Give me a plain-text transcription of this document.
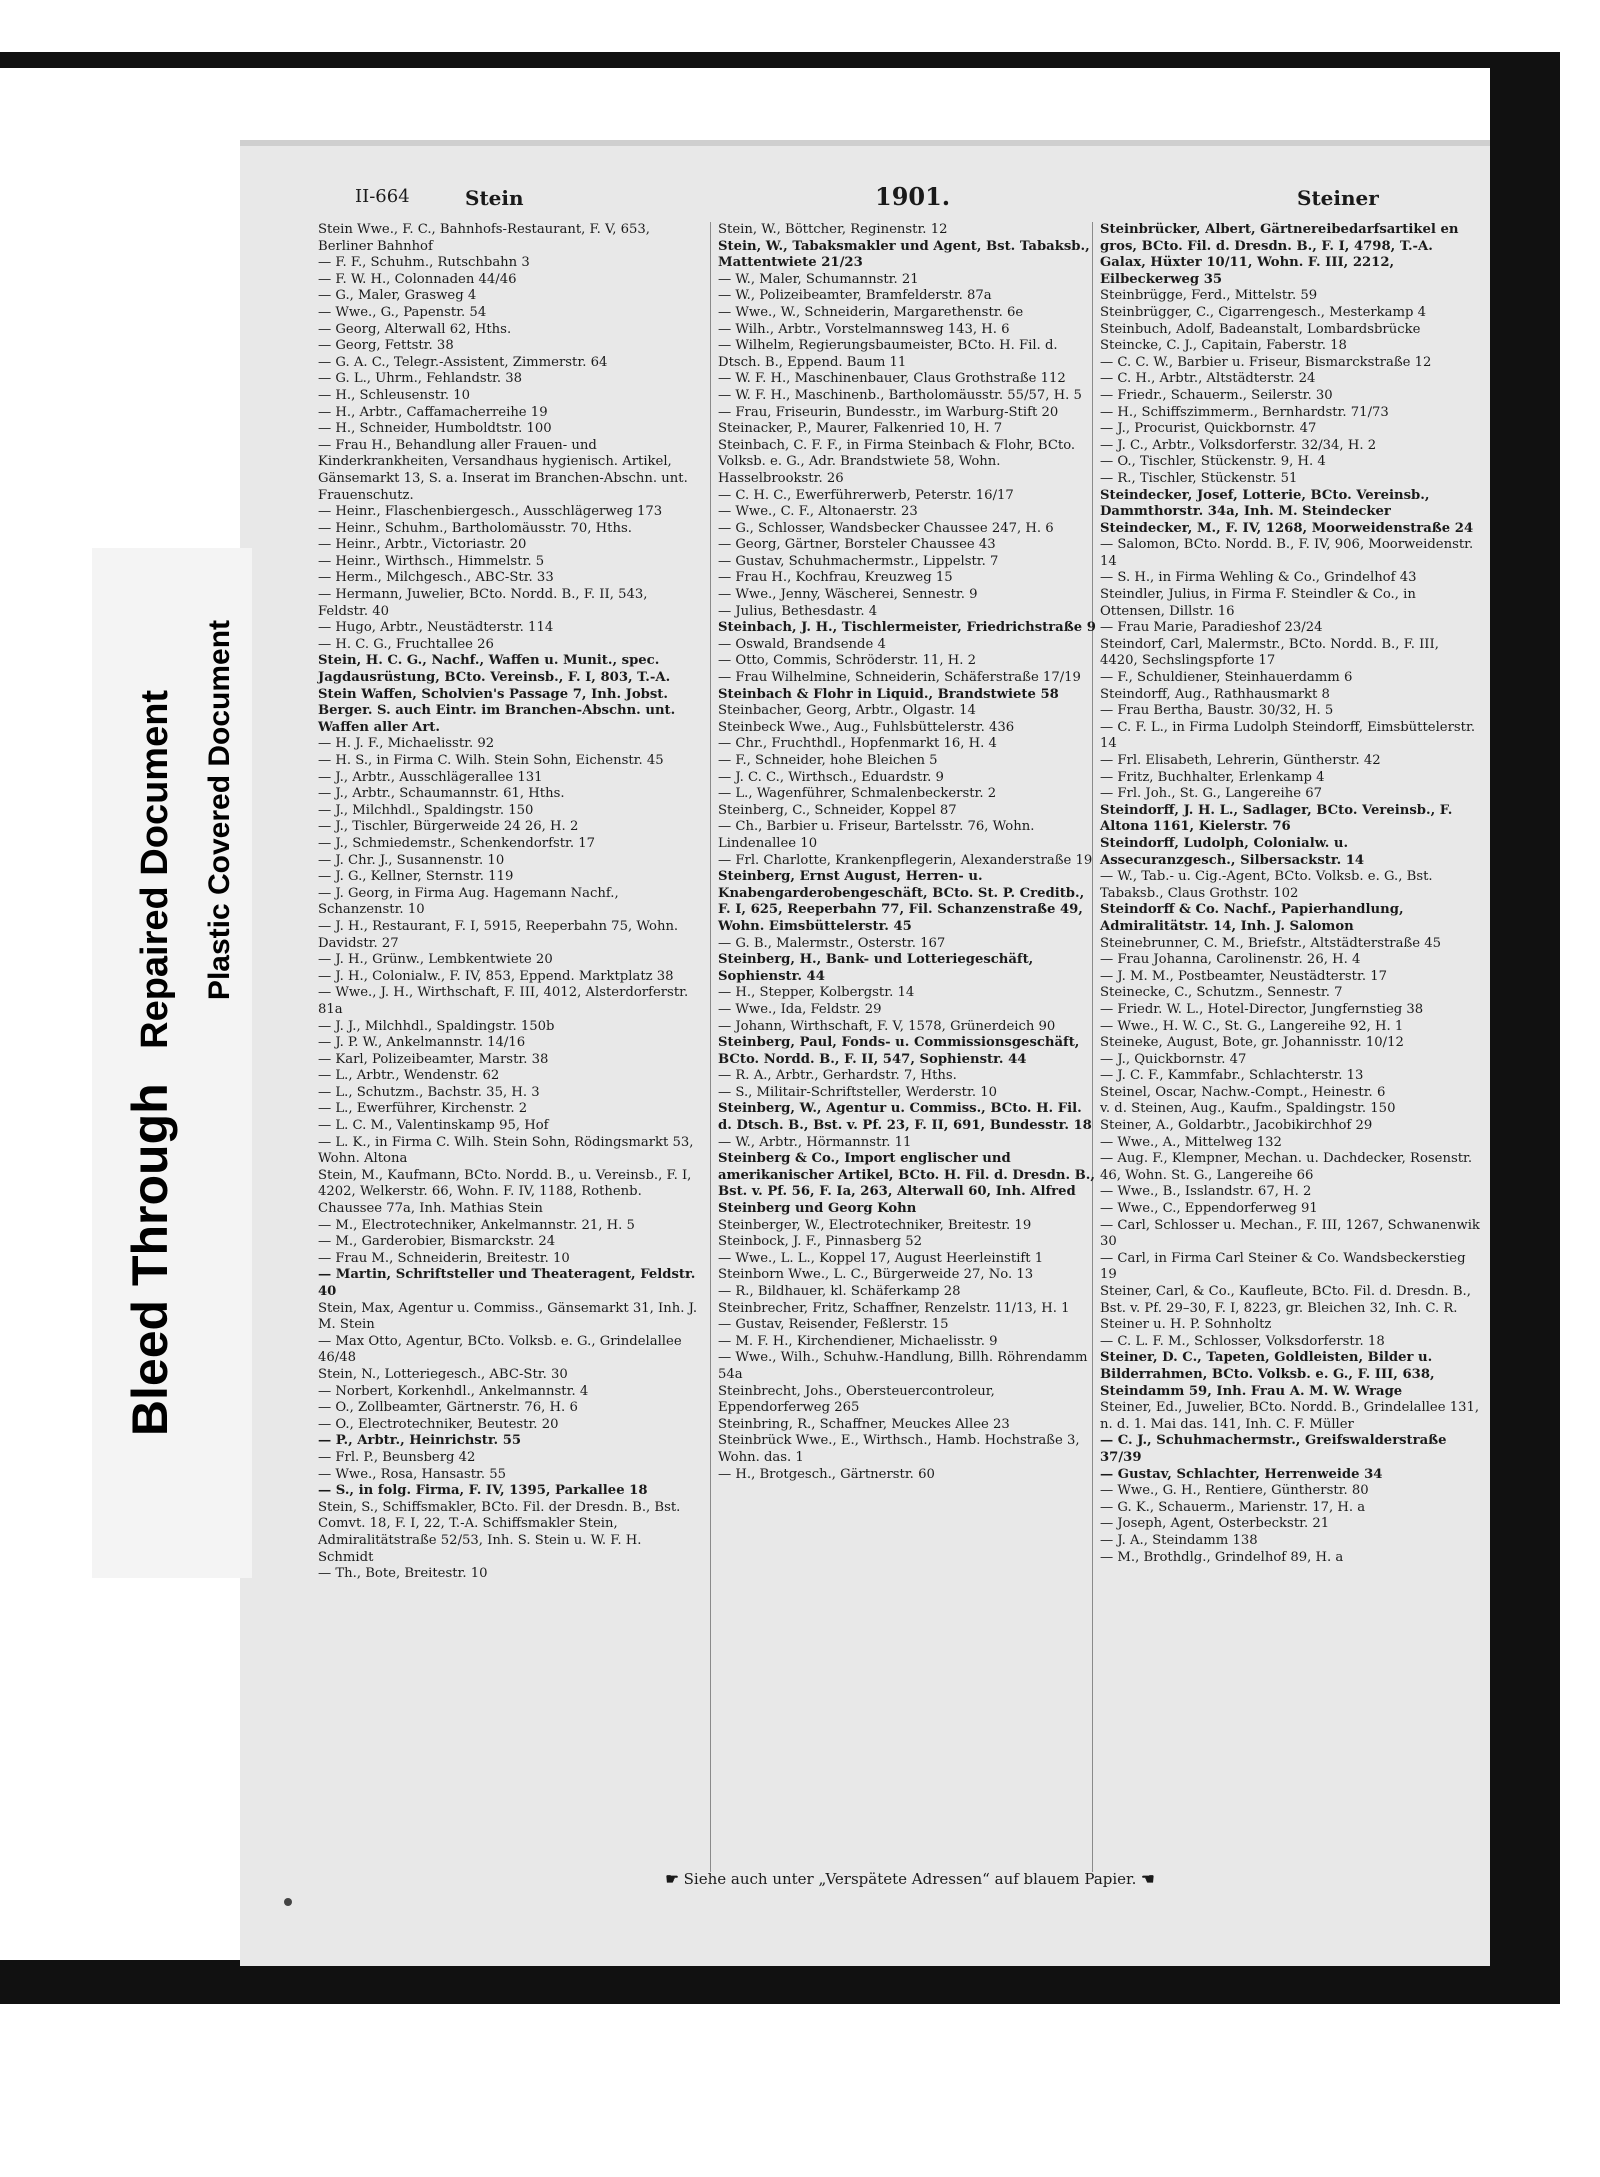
Bleed Through Repaired Document Plastic Covered Document
II-664	Stein	1901.	Steiner

Stein Wwe., F. C., Bahnhofs-Restaurant, F. V, 653, Berliner Bahnhof

— F. F., Schuhm., Rutschbahn 3

— F. W. H., Colonnaden 44/46

— G., Maler, Grasweg 4

— Wwe., G., Papenstr. 54

— Georg, Alterwall 62, Hths.

— Georg, Fettstr. 38

— G. A. C., Telegr.-Assistent, Zimmerstr. 64

— G. L., Uhrm., Fehlandstr. 38

— H., Schleusenstr. 10

— H., Arbtr., Caffamacherreihe 19

— H., Schneider, Humboldtstr. 100

— Frau H., Behandlung aller Frauen- und Kinderkrankheiten, Versandhaus hygienisch. Artikel, Gänsemarkt 13, S. a. Inserat im Branchen-Abschn. unt. Frauenschutz.

— Heinr., Flaschenbiergesch., Ausschlägerweg 173

— Heinr., Schuhm., Bartholomäusstr. 70, Hths.

— Heinr., Arbtr., Victoriastr. 20

— Heinr., Wirthsch., Himmelstr. 5

— Herm., Milchgesch., ABC-Str. 33

— Hermann, Juwelier, BCto. Nordd. B., F. II, 543, Feldstr. 40

— Hugo, Arbtr., Neustädterstr. 114

— H. C. G., Fruchtallee 26

Stein, H. C. G., Nachf., Waffen u. Munit., spec. Jagdausrüstung, BCto. Vereinsb., F. I, 803, T.-A. Stein Waffen, Scholvien's Passage 7, Inh. Jobst. Berger. S. auch Eintr. im Branchen-Abschn. unt. Waffen aller Art.

— H. J. F., Michaelisstr. 92

— H. S., in Firma C. Wilh. Stein Sohn, Eichenstr. 45

— J., Arbtr., Ausschlägerallee 131

— J., Arbtr., Schaumannstr. 61, Hths.

— J., Milchhdl., Spaldingstr. 150

— J., Tischler, Bürgerweide 24 26, H. 2

— J., Schmiedemstr., Schenkendorfstr. 17

— J. Chr. J., Susannenstr. 10

— J. G., Kellner, Sternstr. 119

— J. Georg, in Firma Aug. Hagemann Nachf., Schanzenstr. 10

— J. H., Restaurant, F. I, 5915, Reeperbahn 75, Wohn. Davidstr. 27

— J. H., Grünw., Lembkentwiete 20

— J. H., Colonialw., F. IV, 853, Eppend. Marktplatz 38

— Wwe., J. H., Wirthschaft, F. III, 4012, Alsterdorferstr. 81a

— J. J., Milchhdl., Spaldingstr. 150b

— J. P. W., Ankelmannstr. 14/16

— Karl, Polizeibeamter, Marstr. 38

— L., Arbtr., Wendenstr. 62

— L., Schutzm., Bachstr. 35, H. 3

— L., Ewerführer, Kirchenstr. 2

— L. C. M., Valentinskamp 95, Hof

— L. K., in Firma C. Wilh. Stein Sohn, Rödingsmarkt 53, Wohn. Altona

Stein, M., Kaufmann, BCto. Nordd. B., u. Vereinsb., F. I, 4202, Welkerstr. 66, Wohn. F. IV, 1188, Rothenb. Chaussee 77a, Inh. Mathias Stein

— M., Electrotechniker, Ankelmannstr. 21, H. 5

— M., Garderobier, Bismarckstr. 24

— Frau M., Schneiderin, Breitestr. 10

— Martin, Schriftsteller und Theateragent, Feldstr. 40

Stein, Max, Agentur u. Commiss., Gänsemarkt 31, Inh. J. M. Stein

— Max Otto, Agentur, BCto. Volksb. e. G., Grindelallee 46/48

Stein, N., Lotteriegesch., ABC-Str. 30

— Norbert, Korkenhdl., Ankelmannstr. 4

— O., Zollbeamter, Gärtnerstr. 76, H. 6

— O., Electrotechniker, Beutestr. 20

— P., Arbtr., Heinrichstr. 55

— Frl. P., Beunsberg 42

— Wwe., Rosa, Hansastr. 55

— S., in folg. Firma, F. IV, 1395, Parkallee 18

Stein, S., Schiffsmakler, BCto. Fil. der Dresdn. B., Bst. Comvt. 18, F. I, 22, T.-A. Schiffsmakler Stein, Admiralitätstraße 52/53, Inh. S. Stein u. W. F. H. Schmidt

— Th., Bote, Breitestr. 10

Stein, W., Böttcher, Reginenstr. 12

Stein, W., Tabaksmakler und Agent, Bst. Tabaksb., Mattentwiete 21/23

— W., Maler, Schumannstr. 21

— W., Polizeibeamter, Bramfelderstr. 87a

— Wwe., W., Schneiderin, Margarethenstr. 6e

— Wilh., Arbtr., Vorstelmannsweg 143, H. 6

— Wilhelm, Regierungsbaumeister, BCto. H. Fil. d. Dtsch. B., Eppend. Baum 11

— W. F. H., Maschinenbauer, Claus Grothstraße 112

— W. F. H., Maschinenb., Bartholomäusstr. 55/57, H. 5

— Frau, Friseurin, Bundesstr., im Warburg-Stift 20

Steinacker, P., Maurer, Falkenried 10, H. 7

Steinbach, C. F. F., in Firma Steinbach & Flohr, BCto. Volksb. e. G., Adr. Brandstwiete 58, Wohn. Hasselbrookstr. 26

— C. H. C., Ewerführerwerb, Peterstr. 16/17

— Wwe., C. F., Altonaerstr. 23

— G., Schlosser, Wandsbecker Chaussee 247, H. 6

— Georg, Gärtner, Borsteler Chaussee 43

— Gustav, Schuhmachermstr., Lippelstr. 7

— Frau H., Kochfrau, Kreuzweg 15

— Wwe., Jenny, Wäscherei, Sennestr. 9

— Julius, Bethesdastr. 4

Steinbach, J. H., Tischlermeister, Friedrichstraße 9

— Oswald, Brandsende 4

— Otto, Commis, Schröderstr. 11, H. 2

— Frau Wilhelmine, Schneiderin, Schäferstraße 17/19

Steinbach & Flohr in Liquid., Brandstwiete 58

Steinbacher, Georg, Arbtr., Olgastr. 14

Steinbeck Wwe., Aug., Fuhlsbüttelerstr. 436

— Chr., Fruchthdl., Hopfenmarkt 16, H. 4

— F., Schneider, hohe Bleichen 5

— J. C. C., Wirthsch., Eduardstr. 9

— L., Wagenführer, Schmalenbeckerstr. 2

Steinberg, C., Schneider, Koppel 87

— Ch., Barbier u. Friseur, Bartelsstr. 76, Wohn. Lindenallee 10

— Frl. Charlotte, Krankenpflegerin, Alexanderstraße 19

Steinberg, Ernst August, Herren- u. Knabengarderobengeschäft, BCto. St. P. Creditb., F. I, 625, Reeperbahn 77, Fil. Schanzenstraße 49, Wohn. Eimsbüttelerstr. 45

— G. B., Malermstr., Osterstr. 167

Steinberg, H., Bank- und Lotteriegeschäft, Sophienstr. 44

— H., Stepper, Kolbergstr. 14

— Wwe., Ida, Feldstr. 29

— Johann, Wirthschaft, F. V, 1578, Grünerdeich 90

Steinberg, Paul, Fonds- u. Commissionsgeschäft, BCto. Nordd. B., F. II, 547, Sophienstr. 44

— R. A., Arbtr., Gerhardstr. 7, Hths.

— S., Militair-Schriftsteller, Werderstr. 10

Steinberg, W., Agentur u. Commiss., BCto. H. Fil. d. Dtsch. B., Bst. v. Pf. 23, F. II, 691, Bundesstr. 18

— W., Arbtr., Hörmannstr. 11

Steinberg & Co., Import englischer und amerikanischer Artikel, BCto. H. Fil. d. Dresdn. B., Bst. v. Pf. 56, F. Ia, 263, Alterwall 60, Inh. Alfred Steinberg und Georg Kohn

Steinberger, W., Electrotechniker, Breitestr. 19

Steinbock, J. F., Pinnasberg 52

— Wwe., L. L., Koppel 17, August Heerleinstift 1

Steinborn Wwe., L. C., Bürgerweide 27, No. 13

— R., Bildhauer, kl. Schäferkamp 28

Steinbrecher, Fritz, Schaffner, Renzelstr. 11/13, H. 1

— Gustav, Reisender, Feßlerstr. 15

— M. F. H., Kirchendiener, Michaelisstr. 9

— Wwe., Wilh., Schuhw.-Handlung, Billh. Röhrendamm 54a

Steinbrecht, Johs., Obersteuercontroleur, Eppendorferweg 265

Steinbring, R., Schaffner, Meuckes Allee 23

Steinbrück Wwe., E., Wirthsch., Hamb. Hochstraße 3, Wohn. das. 1

— H., Brotgesch., Gärtnerstr. 60

Steinbrücker, Albert, Gärtnereibedarfsartikel en gros, BCto. Fil. d. Dresdn. B., F. I, 4798, T.-A. Galax, Hüxter 10/11, Wohn. F. III, 2212, Eilbeckerweg 35

Steinbrügge, Ferd., Mittelstr. 59

Steinbrügger, C., Cigarrengesch., Mesterkamp 4

Steinbuch, Adolf, Badeanstalt, Lombardsbrücke

Steincke, C. J., Capitain, Faberstr. 18

— C. C. W., Barbier u. Friseur, Bismarckstraße 12

— C. H., Arbtr., Altstädterstr. 24

— Friedr., Schauerm., Seilerstr. 30

— H., Schiffszimmerm., Bernhardstr. 71/73

— J., Procurist, Quickbornstr. 47

— J. C., Arbtr., Volksdorferstr. 32/34, H. 2

— O., Tischler, Stückenstr. 9, H. 4

— R., Tischler, Stückenstr. 51

Steindecker, Josef, Lotterie, BCto. Vereinsb., Dammthorstr. 34a, Inh. M. Steindecker

Steindecker, M., F. IV, 1268, Moorweidenstraße 24

— Salomon, BCto. Nordd. B., F. IV, 906, Moorweidenstr. 14

— S. H., in Firma Wehling & Co., Grindelhof 43

Steindler, Julius, in Firma F. Steindler & Co., in Ottensen, Dillstr. 16

— Frau Marie, Paradieshof 23/24

Steindorf, Carl, Malermstr., BCto. Nordd. B., F. III, 4420, Sechslingspforte 17

— F., Schuldiener, Steinhauerdamm 6

Steindorff, Aug., Rathhausmarkt 8

— Frau Bertha, Baustr. 30/32, H. 5

— C. F. L., in Firma Ludolph Steindorff, Eimsbüttelerstr. 14

— Frl. Elisabeth, Lehrerin, Güntherstr. 42

— Fritz, Buchhalter, Erlenkamp 4

— Frl. Joh., St. G., Langereihe 67

Steindorff, J. H. L., Sadlager, BCto. Vereinsb., F. Altona 1161, Kielerstr. 76

Steindorff, Ludolph, Colonialw. u. Assecuranzgesch., Silbersackstr. 14

— W., Tab.- u. Cig.-Agent, BCto. Volksb. e. G., Bst. Tabaksb., Claus Grothstr. 102

Steindorff & Co. Nachf., Papierhandlung, Admiralitätstr. 14, Inh. J. Salomon

Steinebrunner, C. M., Briefstr., Altstädterstraße 45

— Frau Johanna, Carolinenstr. 26, H. 4

— J. M. M., Postbeamter, Neustädterstr. 17

Steinecke, C., Schutzm., Sennestr. 7

— Friedr. W. L., Hotel-Director, Jungfernstieg 38

— Wwe., H. W. C., St. G., Langereihe 92, H. 1

Steineke, August, Bote, gr. Johannisstr. 10/12

— J., Quickbornstr. 47

— J. C. F., Kammfabr., Schlachterstr. 13

Steinel, Oscar, Nachw.-Compt., Heinestr. 6

v. d. Steinen, Aug., Kaufm., Spaldingstr. 150

Steiner, A., Goldarbtr., Jacobikirchhof 29

— Wwe., A., Mittelweg 132

— Aug. F., Klempner, Mechan. u. Dachdecker, Rosenstr. 46, Wohn. St. G., Langereihe 66

— Wwe., B., Isslandstr. 67, H. 2

— Wwe., C., Eppendorferweg 91

— Carl, Schlosser u. Mechan., F. III, 1267, Schwanenwik 30

— Carl, in Firma Carl Steiner & Co. Wandsbeckerstieg 19

Steiner, Carl, & Co., Kaufleute, BCto. Fil. d. Dresdn. B., Bst. v. Pf. 29–30, F. I, 8223, gr. Bleichen 32, Inh. C. R. Steiner u. H. P. Sohnholtz

— C. L. F. M., Schlosser, Volksdorferstr. 18

Steiner, D. C., Tapeten, Goldleisten, Bilder u. Bilderrahmen, BCto. Volksb. e. G., F. III, 638, Steindamm 59, Inh. Frau A. M. W. Wrage

Steiner, Ed., Juwelier, BCto. Nordd. B., Grindelallee 131, n. d. 1. Mai das. 141, Inh. C. F. Müller

— C. J., Schuhmachermstr., Greifswalderstraße 37/39

— Gustav, Schlachter, Herrenweide 34

— Wwe., G. H., Rentiere, Güntherstr. 80

— G. K., Schauerm., Marienstr. 17, H. a

— Joseph, Agent, Osterbeckstr. 21

— J. A., Steindamm 138

— M., Brothdlg., Grindelhof 89, H. a

☛ Siehe auch unter „Verspätete Adressen“ auf blauem Papier. ☚
